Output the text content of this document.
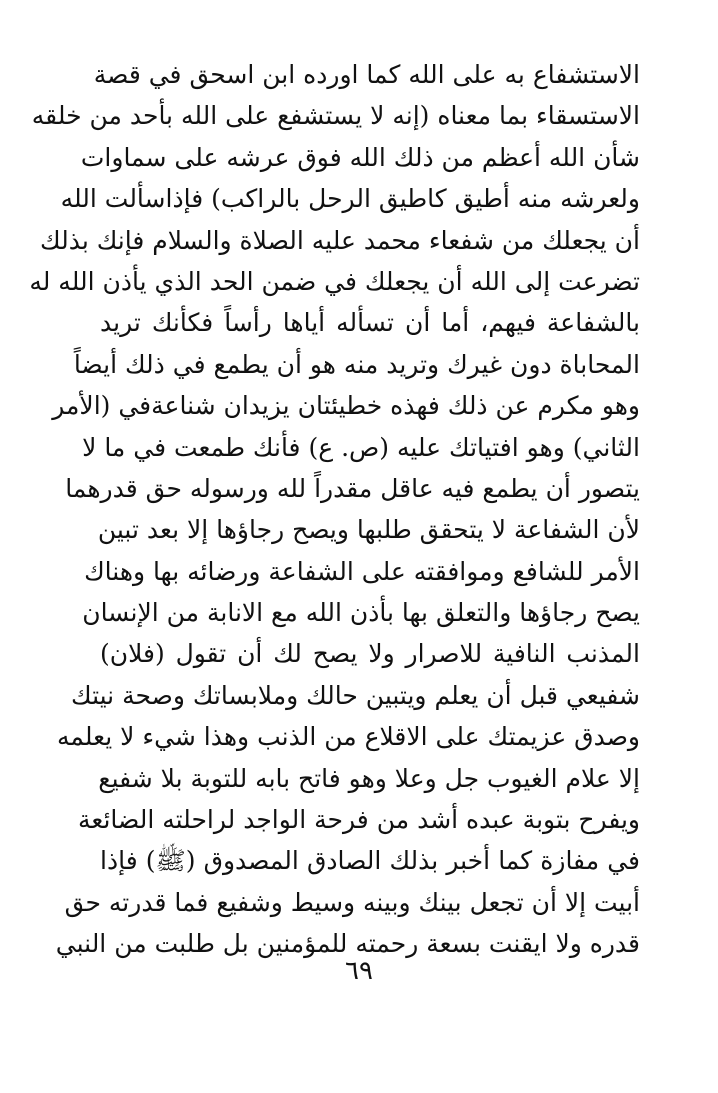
الاستشفاع به على الله كما اورده ابن اسحق في قصة
الاستسقاء بما معناه (إنه لا يستشفع على الله بأحد من خلقه
شأن الله أعظم من ذلك الله فوق عرشه على سماوات
ولعرشه منه أطيق كاطيق الرحل بالراكب) فإذاسألت الله
أن يجعلك من شفعاء محمد عليه الصلاة والسلام فإنك بذلك
تضرعت إلى الله أن يجعلك في ضمن الحد الذي يأذن الله له
بالشفاعة فيهم، أما أن تسأله أياها رأساً فكأنك تريد
المحاباة دون غيرك وتريد منه هو أن يطمع في ذلك أيضاً
وهو مكرم عن ذلك فهذه خطيئتان يزيدان شناعةفي (الأمر
الثاني) وهو افتياتك عليه (ص. ع) فأنك طمعت في ما لا
يتصور أن يطمع فيه عاقل مقدراً لله ورسوله حق قدرهما
لأن الشفاعة لا يتحقق طلبها ويصح رجاؤها إلا بعد تبين
الأمر للشافع وموافقته على الشفاعة ورضائه بها وهناك
يصح رجاؤها والتعلق بها بأذن الله مع الانابة من الإنسان
المذنب النافية للاصرار ولا يصح لك أن تقول (فلان)
شفيعي قبل أن يعلم ويتبين حالك وملابساتك وصحة نيتك
وصدق عزيمتك على الاقلاع من الذنب وهذا شيء لا يعلمه
إلا علام الغيوب جل وعلا وهو فاتح بابه للتوبة بلا شفيع
ويفرح بتوبة عبده أشد من فرحة الواجد لراحلته الضائعة
في مفازة كما أخبر بذلك الصادق المصدوق (ﷺ) فإذا
أبيت إلا أن تجعل بينك وبينه وسيط وشفيع فما قدرته حق
قدره ولا ايقنت بسعة رحمته للمؤمنين بل طلبت من النبي
٦٩
